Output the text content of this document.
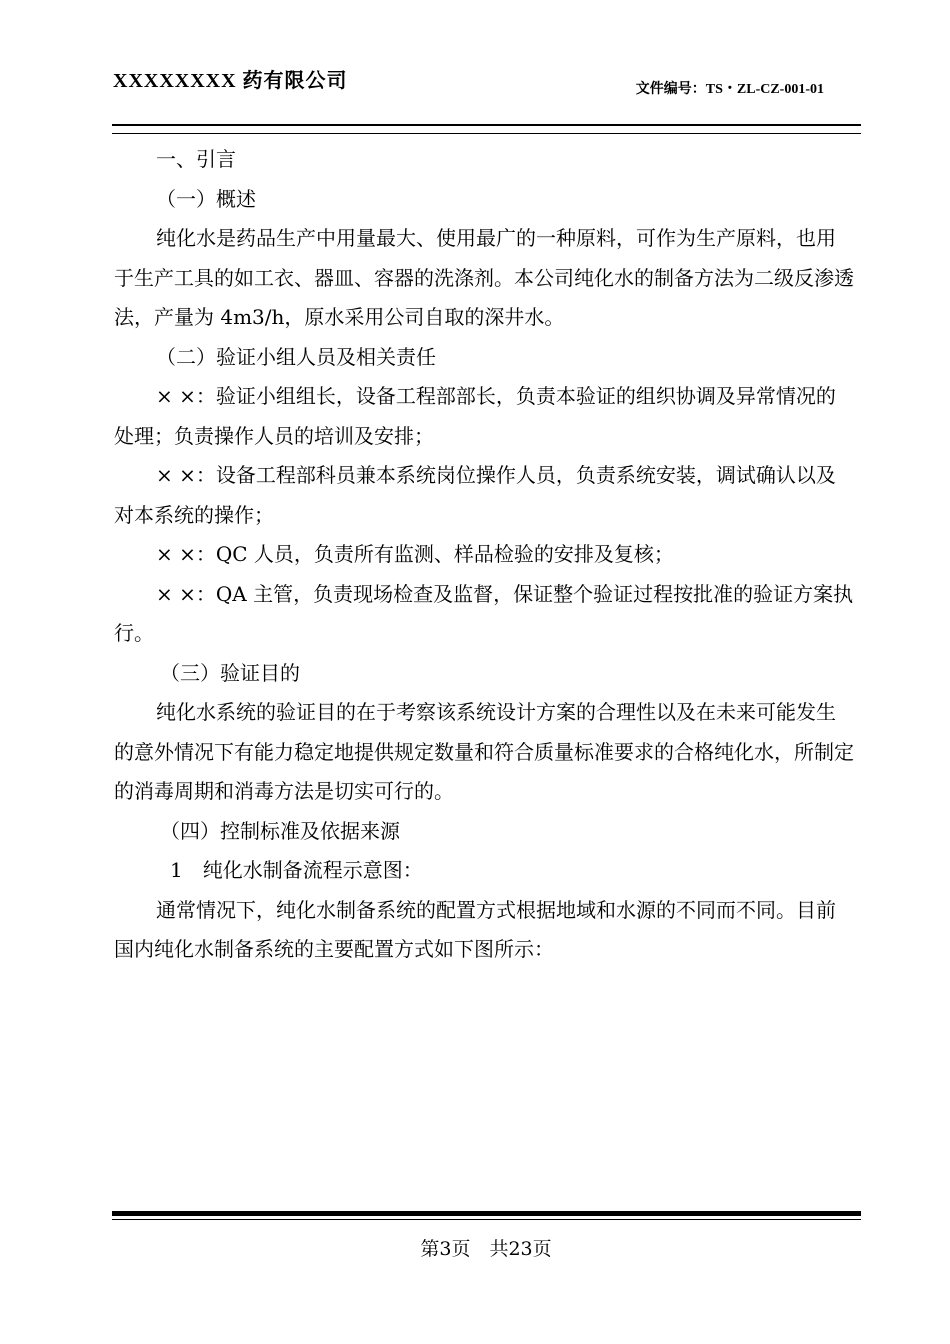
XXXXXXXX 药有限公司	文件编号：TS・ZL-CZ-001-01

一、引言

（一）概述

纯化水是药品生产中用量最大、使用最广的一种原料，可作为生产原料，也用于生产工具的如工衣、器皿、容器的洗涤剂。本公司纯化水的制备方法为二级反渗透法，产量为 4m3/h，原水采用公司自取的深井水。

（二）验证小组人员及相关责任

× ×：验证小组组长，设备工程部部长，负责本验证的组织协调及异常情况的处理；负责操作人员的培训及安排；

× ×：设备工程部科员兼本系统岗位操作人员，负责系统安装，调试确认以及对本系统的操作；

× ×：QC 人员，负责所有监测、样品检验的安排及复核；

× ×：QA 主管，负责现场检查及监督，保证整个验证过程按批准的验证方案执行。

（三）验证目的

纯化水系统的验证目的在于考察该系统设计方案的合理性以及在未来可能发生的意外情况下有能力稳定地提供规定数量和符合质量标准要求的合格纯化水，所制定的消毒周期和消毒方法是切实可行的。

（四）控制标准及依据来源

1　纯化水制备流程示意图：

通常情况下，纯化水制备系统的配置方式根据地域和水源的不同而不同。目前国内纯化水制备系统的主要配置方式如下图所示：

第3页　共23页
